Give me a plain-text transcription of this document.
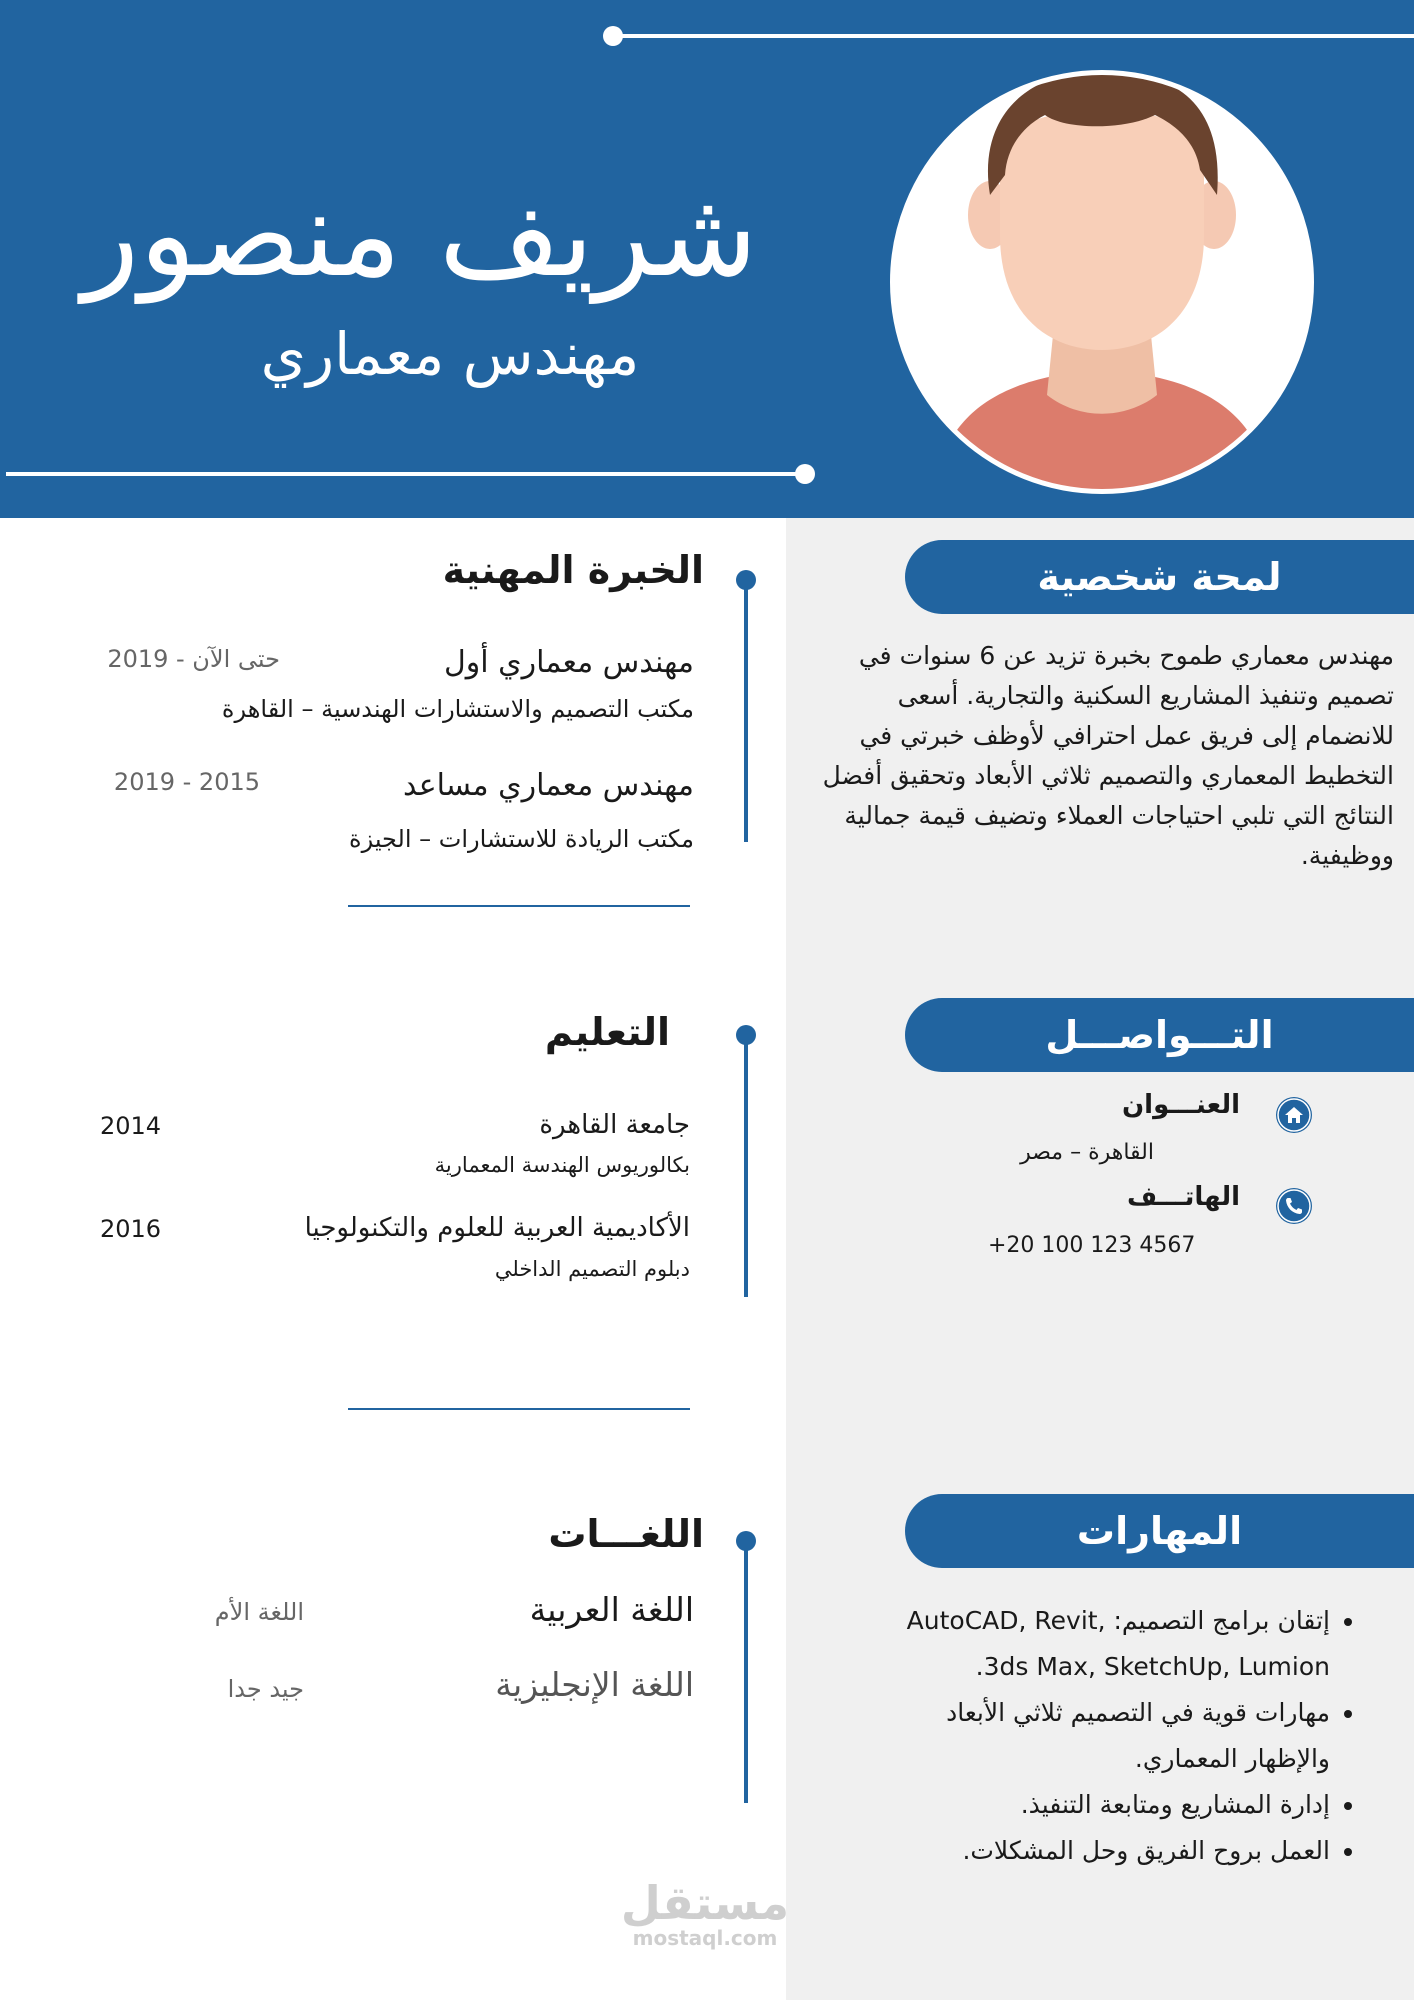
شريف منصور
مهندس معماري
لمحة شخصية
مهندس معماري طموح بخبرة تزيد عن 6 سنوات في تصميم وتنفيذ المشاريع السكنية والتجارية. أسعى للانضمام إلى فريق عمل احترافي لأوظف خبرتي في التخطيط المعماري والتصميم ثلاثي الأبعاد وتحقيق أفضل النتائج التي تلبي احتياجات العملاء وتضيف قيمة جمالية ووظيفية.
التـــواصـــل
العنـــوان
القاهرة – مصر
الهاتـــف
+20 100 123 4567
المهارات
• إتقان برامج التصميم: AutoCAD, Revit, 3ds Max, SketchUp, Lumion.
• مهارات قوية في التصميم ثلاثي الأبعاد والإظهار المعماري.
• إدارة المشاريع ومتابعة التنفيذ.
• العمل بروح الفريق وحل المشكلات.
الخبرة المهنية
مهندس معماري أول
حتى الآن - 2019
مكتب التصميم والاستشارات الهندسية – القاهرة
مهندس معماري مساعد
2015 - 2019
مكتب الريادة للاستشارات – الجيزة
التعليم
جامعة القاهرة
2014
بكالوريوس الهندسة المعمارية
الأكاديمية العربية للعلوم والتكنولوجيا
2016
دبلوم التصميم الداخلي
اللغـــات
اللغة العربية
اللغة الأم
اللغة الإنجليزية
جيد جدا
مستقل
mostaql.com
